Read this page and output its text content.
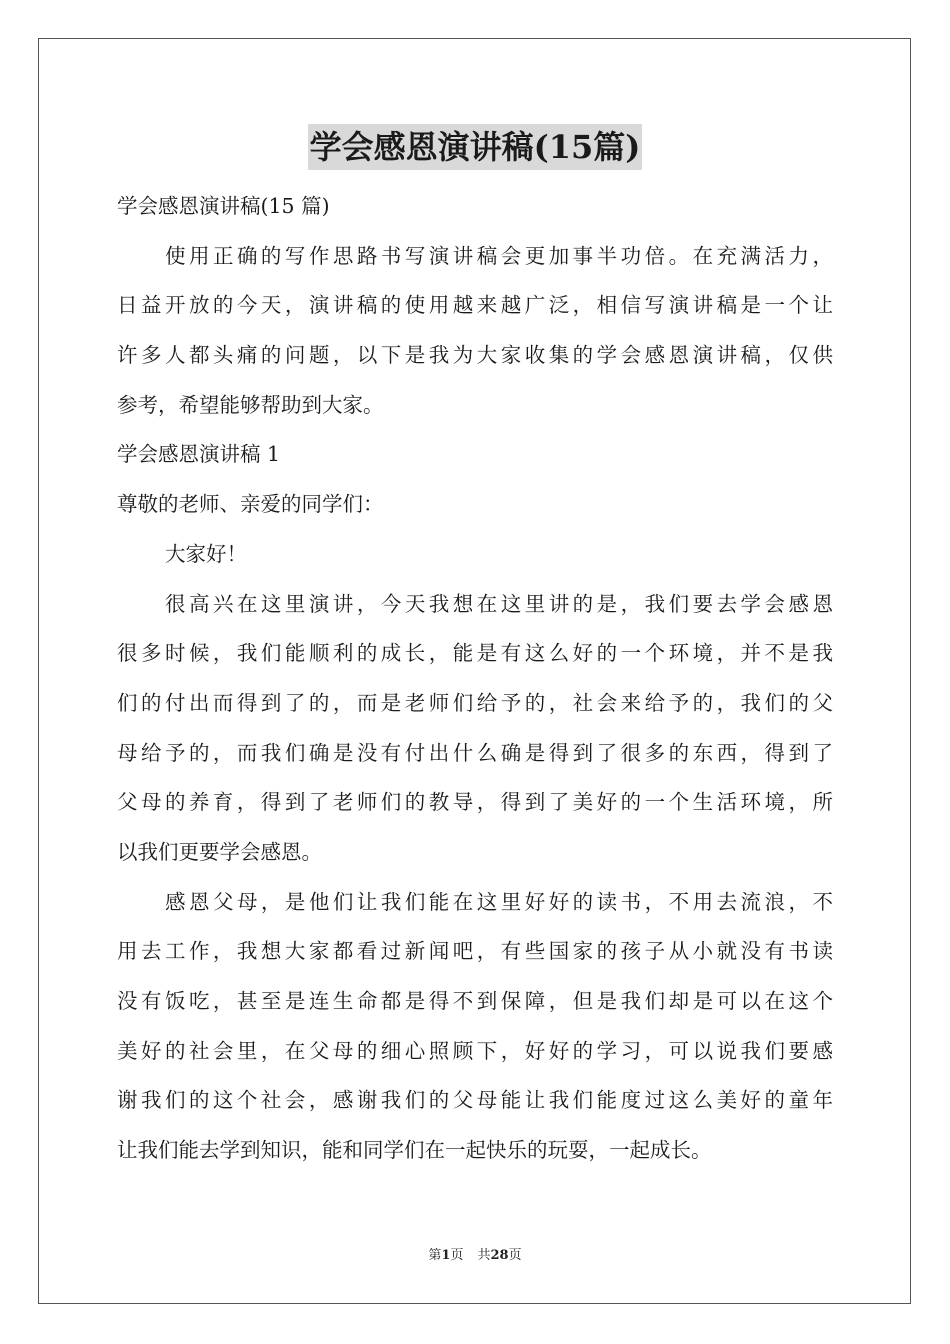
学会感恩演讲稿(15篇)
学会感恩演讲稿(15 篇)
使用正确的写作思路书写演讲稿会更加事半功倍。在充满活力，
日益开放的今天，演讲稿的使用越来越广泛，相信写演讲稿是一个让
许多人都头痛的问题，以下是我为大家收集的学会感恩演讲稿，仅供
参考，希望能够帮助到大家。
学会感恩演讲稿 1
尊敬的老师、亲爱的同学们：
大家好！
很高兴在这里演讲，今天我想在这里讲的是，我们要去学会感恩
很多时候，我们能顺利的成长，能是有这么好的一个环境，并不是我
们的付出而得到了的，而是老师们给予的，社会来给予的，我们的父
母给予的，而我们确是没有付出什么确是得到了很多的东西，得到了
父母的养育，得到了老师们的教导，得到了美好的一个生活环境，所
以我们更要学会感恩。
感恩父母，是他们让我们能在这里好好的读书，不用去流浪，不
用去工作，我想大家都看过新闻吧，有些国家的孩子从小就没有书读
没有饭吃，甚至是连生命都是得不到保障，但是我们却是可以在这个
美好的社会里，在父母的细心照顾下，好好的学习，可以说我们要感
谢我们的这个社会，感谢我们的父母能让我们能度过这么美好的童年
让我们能去学到知识，能和同学们在一起快乐的玩耍，一起成长。
第1页 共28页
